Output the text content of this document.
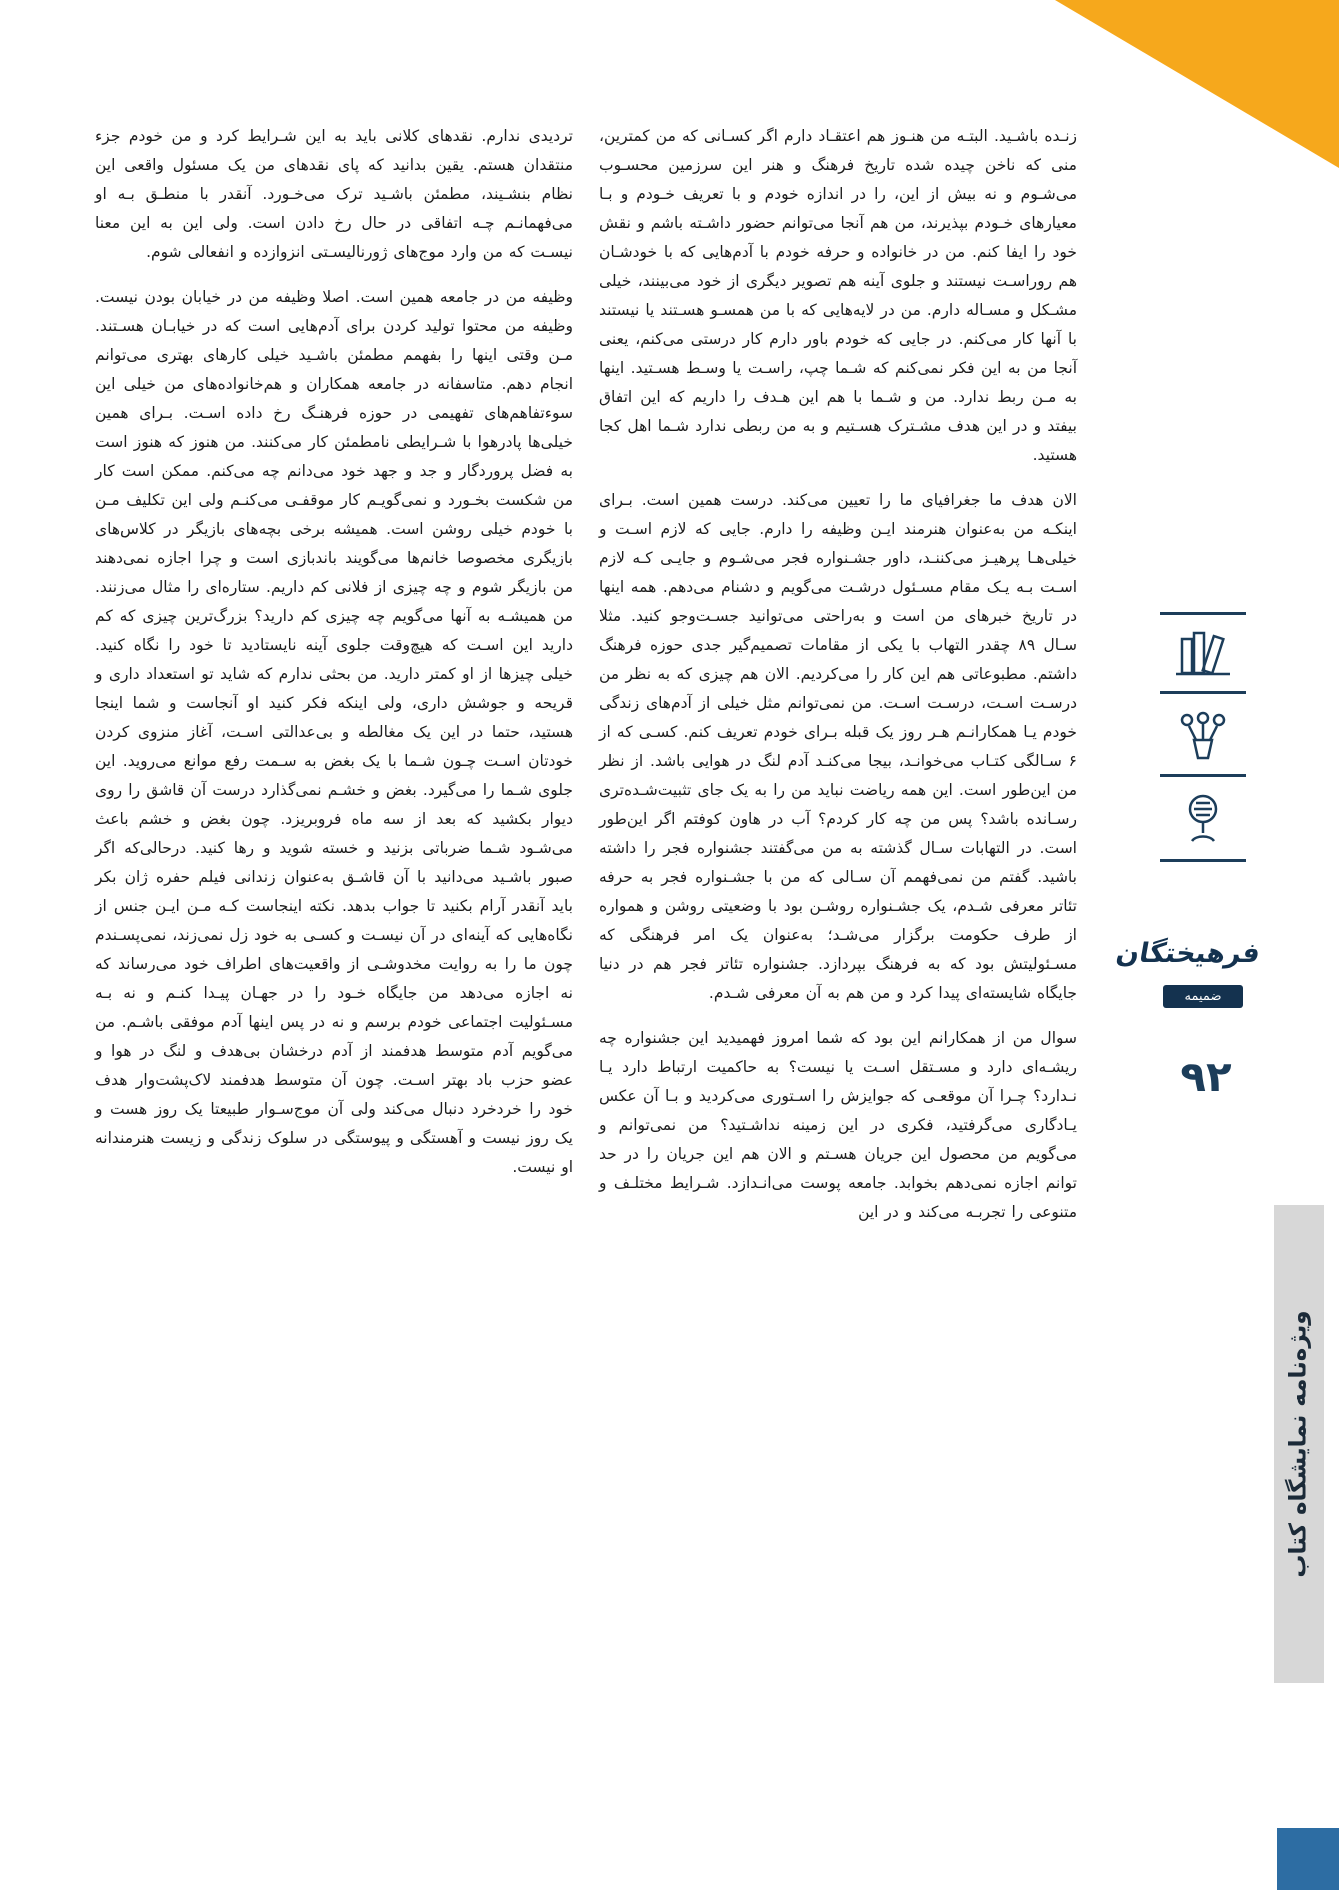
زنـده باشـید. البتـه من هنـوز هم اعتقـاد دارم اگر کسـانی که من کمترین، منی که ناخن چیده شده تاریخ فرهنگ و هنر این سرزمین محسـوب می‌شـوم و نه بیش از این، را در اندازه خودم و با تعریف خـودم و بـا معیارهای خـودم بپذیرند، من هم آنجا می‌توانم حضور داشـته باشم و نقش خود را ایفا کنم. من در خانواده و حرفه خودم با آدم‌هایی که با خودشـان هم روراسـت نیستند و جلوی آینه هم تصویر دیگری از خود می‌بینند، خیلی مشـکل و مسـاله دارم. من در لایه‌هایی که با من همسـو هسـتند یا نیستند با آنها کار می‌کنم. در جایی که خودم باور دارم کار درستی می‌کنم، یعنی آنجا من به این فکر نمی‌کنم که شـما چپ، راسـت یا وسـط هسـتید. اینها به مـن ربط ندارد. من و شـما با هم این هـدف را داریم که این اتفاق بیفتد و در این هدف مشـترک هسـتیم و به من ربطی ندارد شـما اهل کجا هستید.

الان هدف ما جغرافیای ما را تعیین می‌کند. درست همین است. بـرای اینکـه من به‌عنوان هنرمند ایـن وظیفه را دارم. جایی که لازم اسـت و خیلی‌هـا پرهیـز می‌کننـد، داور جشـنواره فجر می‌شـوم و جایـی کـه لازم اسـت بـه یـک مقام مسـئول درشـت می‌گویم و دشنام می‌دهم. همه اینها در تاریخ خبرهای من است و به‌راحتی می‌توانید جسـت‌وجو کنید. مثلا سـال ۸۹ چقدر التهاب با یکی از مقامات تصمیم‌گیر جدی حوزه فرهنگ داشتم. مطبوعاتی هم این کار را می‌کردیم. الان هم چیزی که به نظر من درسـت اسـت، درسـت اسـت. من نمی‌توانم مثل خیلی از آدم‌های زندگی خودم یـا همکارانـم هـر روز یک قبله بـرای خودم تعریف کنم. کسـی که از ۶ سـالگی کتـاب می‌خوانـد، بیجا می‌کنـد آدم لنگ در هوایی باشد. از نظر من این‌طور است. این همه ریاضت نباید من را به یک جای تثبیت‌شـده‌تری رسـانده باشد؟ پس من چه کار کردم؟ آب در هاون کوفتم اگر این‌طور است. در التهابات سـال گذشته به من می‌گفتند جشنواره فجر را داشته باشید. گفتم من نمی‌فهمم آن سـالی که من با جشـنواره فجر به حرفه تئاتر معرفی شـدم، یک جشـنواره روشـن بود با وضعیتی روشن و همواره از طرف حکومت برگزار می‌شـد؛ به‌عنوان یک امر فرهنگی که مسـئولیتش بود که به فرهنگ بپردازد. جشنواره تئاتر فجر هم در دنیا جایگاه شایسته‌ای پیدا کرد و من هم به آن معرفی شـدم.

سوال من از همکارانم این بود که شما امروز فهمیدید این جشنواره چه ریشـه‌ای دارد و مسـتقل اسـت یا نیست؟ به حاکمیت ارتباط دارد یـا نـدارد؟ چـرا آن موقعـی که جوایزش را اسـتوری می‌کردید و بـا آن عکس یـادگاری می‌گرفتید، فکری در این زمینه نداشـتید؟ من نمی‌توانم و می‌گویم من محصول این جریان هسـتم و الان هم این جریان را در حد توانم اجازه نمی‌دهم بخوابد. جامعه پوست می‌انـدازد. شـرایط مختلـف و متنوعی را تجربـه می‌کند و در این

تردیدی ندارم. نقدهای کلانی باید به این شـرایط کرد و من خودم جزء منتقدان هستم. یقین بدانید که پای نقدهای من یک مسئول واقعی این نظام بنشـیند، مطمئن باشـید ترک می‌خـورد. آنقدر با منطـق بـه او می‌فهمانـم چـه اتفاقی در حال رخ دادن است. ولی این به این معنا نیسـت که من وارد موج‌های ژورنالیسـتی انزوازده و انفعالی شوم.

وظیفه من در جامعه همین است. اصلا وظیفه من در خیابان بودن نیست. وظیفه من محتوا تولید کردن برای آدم‌هایی است که در خیابـان هسـتند. مـن وقتی اینها را بفهمم مطمئن باشـید خیلی کارهای بهتری می‌توانم انجام دهم. متاسفانه در جامعه همکاران و هم‌خانواده‌های من خیلی این سوءتفاهم‌های تفهیمی در حوزه فرهنـگ رخ داده اسـت. بـرای همین خیلی‌ها پادرهوا با شـرایطی نامطمئن کار می‌کنند. من هنوز که هنوز است به فضل پروردگار و جد و جهد خود می‌دانم چه می‌کنم. ممکن است کار من شکست بخـورد و نمی‌گویـم کار موقفـی می‌کنـم ولی این تکلیف مـن با خودم خیلی روشن است. همیشه برخی بچه‌های بازیگر در کلاس‌های بازیگری مخصوصا خانم‌ها می‌گویند باندبازی است و چرا اجازه نمی‌دهند من بازیگر شوم و چه چیزی از فلانی کم داریم. ستاره‌ای را مثال می‌زنند. من همیشـه به آنها می‌گویم چه چیزی کم دارید؟ بزرگ‌ترین چیزی که کم دارید این اسـت که هیچ‌وقت جلوی آینه نایستادید تا خود را نگاه کنید. خیلی چیزها از او کمتر دارید. من بحثی ندارم که شاید تو استعداد داری و قریحه و جوشش داری، ولی اینکه فکر کنید او آنجاست و شما اینجا هستید، حتما در این یک مغالطه و بی‌عدالتی اسـت، آغاز منزوی کردن خودتان اسـت چـون شـما با یک بغض به سـمت رفع موانع می‌روید. این جلوی شـما را می‌گیرد. بغض و خشـم نمی‌گذارد درست آن قاشق را روی دیوار بکشید که بعد از سه ماه فروبریزد. چون بغض و خشم باعث می‌شـود شـما ضرباتی بزنید و خسته شوید و رها کنید. درحالی‌که اگر صبور باشـید می‌دانید با آن قاشـق به‌عنوان زندانی فیلم حفره ژان بکر باید آنقدر آرام بکنید تا جواب بدهد. نکته اینجاست کـه مـن ایـن جنس از نگاه‌هایی که آینه‌ای در آن نیسـت و کسـی به خود زل نمی‌زند، نمی‌پسـندم چون ما را به روایت مخدوشـی از واقعیت‌های اطراف خود می‌رساند که نه اجازه می‌دهد من جایگاه خـود را در جهـان پیـدا کنـم و نه بـه مسـئولیت اجتماعی خودم برسم و نه در پس اینها آدم موفقی باشـم. من می‌گویم آدم متوسط هدفمند از آدم درخشان بی‌هدف و لنگ در هوا و عضو حزب باد بهتر اسـت. چون آن متوسط هدفمند لاک‌پشت‌وار هدف خود را خردخرد دنبال می‌کند ولی آن موج‌سـوار طبیعتا یک روز هست و یک روز نیست و آهستگی و پیوستگی در سلوک زندگی و زیست هنرمندانه او نیست.

فرهیختگان
ضمیمه
۹۲
ویژه‌نامه نمایشگاه کتاب
